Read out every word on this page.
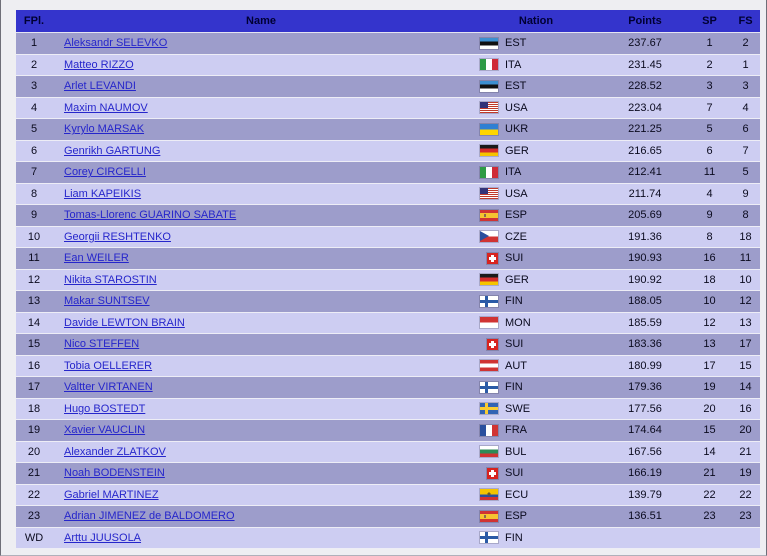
FPl.	Name	Nation	Points	SP	FS
1	Aleksandr SELEVKO	EST	237.67	1	2
2	Matteo RIZZO	ITA	231.45	2	1
3	Arlet LEVANDI	EST	228.52	3	3
4	Maxim NAUMOV	USA	223.04	7	4
5	Kyrylo MARSAK	UKR	221.25	5	6
6	Genrikh GARTUNG	GER	216.65	6	7
7	Corey CIRCELLI	ITA	212.41	11	5
8	Liam KAPEIKIS	USA	211.74	4	9
9	Tomas-Llorenc GUARINO SABATE	ESP	205.69	9	8
10	Georgii RESHTENKO	CZE	191.36	8	18
11	Ean WEILER	SUI	190.93	16	11
12	Nikita STAROSTIN	GER	190.92	18	10
13	Makar SUNTSEV	FIN	188.05	10	12
14	Davide LEWTON BRAIN	MON	185.59	12	13
15	Nico STEFFEN	SUI	183.36	13	17
16	Tobia OELLERER	AUT	180.99	17	15
17	Valtter VIRTANEN	FIN	179.36	19	14
18	Hugo BOSTEDT	SWE	177.56	20	16
19	Xavier VAUCLIN	FRA	174.64	15	20
20	Alexander ZLATKOV	BUL	167.56	14	21
21	Noah BODENSTEIN	SUI	166.19	21	19
22	Gabriel MARTINEZ	ECU	139.79	22	22
23	Adrian JIMENEZ de BALDOMERO	ESP	136.51	23	23
WD	Arttu JUUSOLA	FIN			
